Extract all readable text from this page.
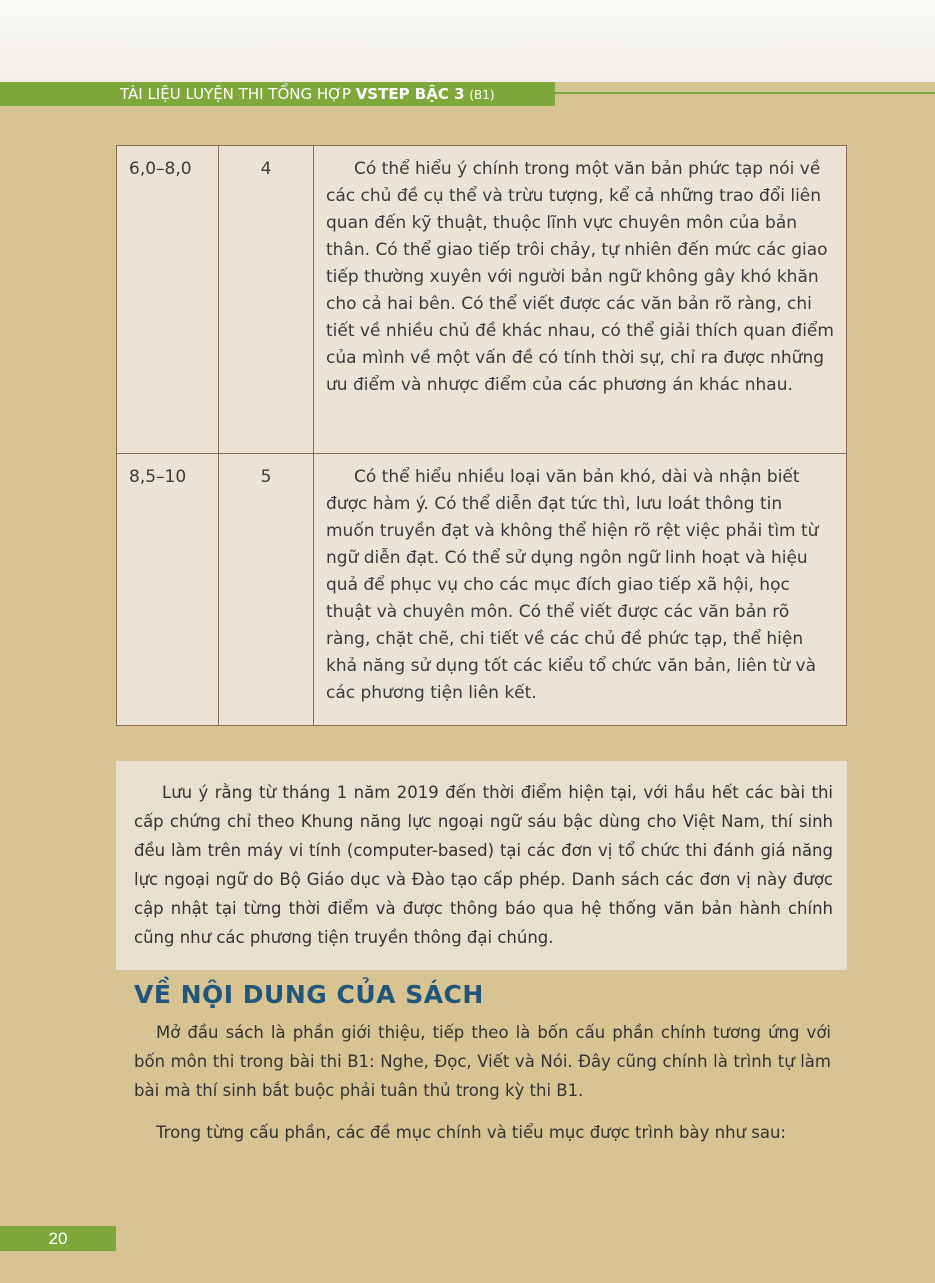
TÀI LIỆU LUYỆN THI TỔNG HỢP VSTEP BẬC 3 (B1)
6,0–8,0	4	Có thể hiểu ý chính trong một văn bản phức tạp nói về các chủ đề cụ thể và trừu tượng, kể cả những trao đổi liên quan đến kỹ thuật, thuộc lĩnh vực chuyên môn của bản thân. Có thể giao tiếp trôi chảy, tự nhiên đến mức các giao tiếp thường xuyên với người bản ngữ không gây khó khăn cho cả hai bên. Có thể viết được các văn bản rõ ràng, chi tiết về nhiều chủ đề khác nhau, có thể giải thích quan điểm của mình về một vấn đề có tính thời sự, chỉ ra được những ưu điểm và nhược điểm của các phương án khác nhau.
8,5–10	5	Có thể hiểu nhiều loại văn bản khó, dài và nhận biết được hàm ý. Có thể diễn đạt tức thì, lưu loát thông tin muốn truyền đạt và không thể hiện rõ rệt việc phải tìm từ ngữ diễn đạt. Có thể sử dụng ngôn ngữ linh hoạt và hiệu quả để phục vụ cho các mục đích giao tiếp xã hội, học thuật và chuyên môn. Có thể viết được các văn bản rõ ràng, chặt chẽ, chi tiết về các chủ đề phức tạp, thể hiện khả năng sử dụng tốt các kiểu tổ chức văn bản, liên từ và các phương tiện liên kết.
Lưu ý rằng từ tháng 1 năm 2019 đến thời điểm hiện tại, với hầu hết các bài thi cấp chứng chỉ theo Khung năng lực ngoại ngữ sáu bậc dùng cho Việt Nam, thí sinh đều làm trên máy vi tính (computer-based) tại các đơn vị tổ chức thi đánh giá năng lực ngoại ngữ do Bộ Giáo dục và Đào tạo cấp phép. Danh sách các đơn vị này được cập nhật tại từng thời điểm và được thông báo qua hệ thống văn bản hành chính cũng như các phương tiện truyền thông đại chúng.
VỀ NỘI DUNG CỦA SÁCH

Mở đầu sách là phần giới thiệu, tiếp theo là bốn cấu phần chính tương ứng với bốn môn thi trong bài thi B1: Nghe, Đọc, Viết và Nói. Đây cũng chính là trình tự làm bài mà thí sinh bắt buộc phải tuân thủ trong kỳ thi B1.

Trong từng cấu phần, các đề mục chính và tiểu mục được trình bày như sau:

20
